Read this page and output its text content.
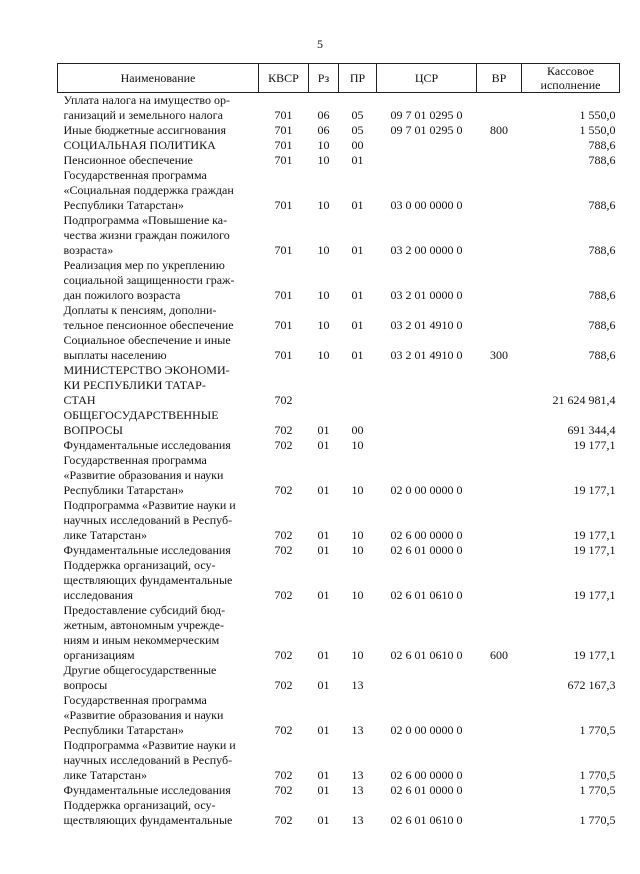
5
Наименование	КВСР	Рз	ПР	ЦСР	ВР	Кассовое исполнение

Уплата налога на имущество ор-
ганизаций и земельного налога	701	06	05	09 7 01 0295 0		1 550,0

Иные бюджетные ассигнования	701	06	05	09 7 01 0295 0	800	1 550,0

СОЦИАЛЬНАЯ ПОЛИТИКА	701	10	00			788,6

Пенсионное обеспечение	701	10	01			788,6

Государственная программа
«Социальная поддержка граждан
Республики Татарстан»	701	10	01	03 0 00 0000 0		788,6

Подпрограмма «Повышение ка-
чества жизни граждан пожилого
возраста»	701	10	01	03 2 00 0000 0		788,6

Реализация мер по укреплению
социальной защищенности граж-
дан пожилого возраста	701	10	01	03 2 01 0000 0		788,6

Доплаты к пенсиям, дополни-
тельное пенсионное обеспечение	701	10	01	03 2 01 4910 0		788,6

Социальное обеспечение и иные
выплаты населению	701	10	01	03 2 01 4910 0	300	788,6

МИНИСТЕРСТВО ЭКОНОМИ-
КИ РЕСПУБЛИКИ ТАТАР-
СТАН	702					21 624 981,4

ОБЩЕГОСУДАРСТВЕННЫЕ
ВОПРОСЫ	702	01	00			691 344,4

Фундаментальные исследования	702	01	10			19 177,1

Государственная программа
«Развитие образования и науки
Республики Татарстан»	702	01	10	02 0 00 0000 0		19 177,1

Подпрограмма «Развитие науки и
научных исследований в Респуб-
лике Татарстан»	702	01	10	02 6 00 0000 0		19 177,1

Фундаментальные исследования	702	01	10	02 6 01 0000 0		19 177,1

Поддержка организаций, осу-
ществляющих фундаментальные
исследования	702	01	10	02 6 01 0610 0		19 177,1

Предоставление субсидий бюд-
жетным, автономным учрежде-
ниям и иным некоммерческим
организациям	702	01	10	02 6 01 0610 0	600	19 177,1

Другие общегосударственные
вопросы	702	01	13			672 167,3

Государственная программа
«Развитие образования и науки
Республики Татарстан»	702	01	13	02 0 00 0000 0		1 770,5

Подпрограмма «Развитие науки и
научных исследований в Респуб-
лике Татарстан»	702	01	13	02 6 00 0000 0		1 770,5

Фундаментальные исследования	702	01	13	02 6 01 0000 0		1 770,5

Поддержка организаций, осу-
ществляющих фундаментальные	702	01	13	02 6 01 0610 0		1 770,5
